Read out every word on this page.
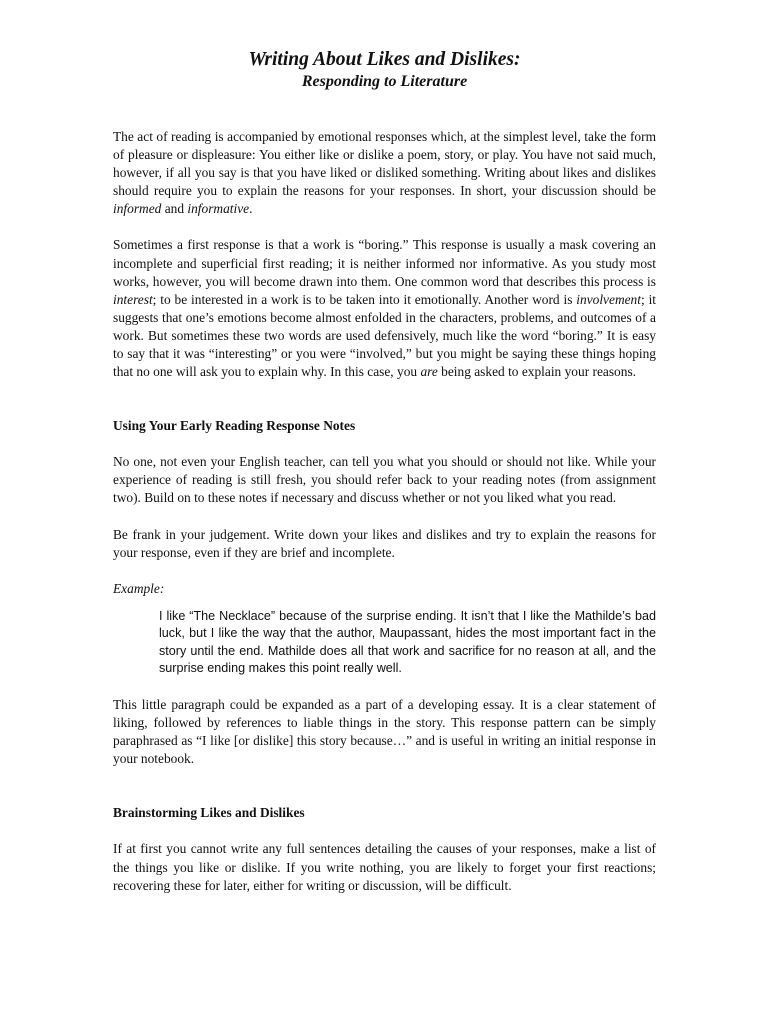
Writing About Likes and Dislikes:
Responding to Literature

The act of reading is accompanied by emotional responses which, at the simplest level, take the form of pleasure or displeasure: You either like or dislike a poem, story, or play. You have not said much, however, if all you say is that you have liked or disliked something. Writing about likes and dislikes should require you to explain the reasons for your responses. In short, your discussion should be informed and informative.

Sometimes a first response is that a work is “boring.” This response is usually a mask covering an incomplete and superficial first reading; it is neither informed nor informative. As you study most works, however, you will become drawn into them. One common word that describes this process is interest; to be interested in a work is to be taken into it emotionally. Another word is involvement; it suggests that one’s emotions become almost enfolded in the characters, problems, and outcomes of a work. But sometimes these two words are used defensively, much like the word “boring.” It is easy to say that it was “interesting” or you were “involved,” but you might be saying these things hoping that no one will ask you to explain why. In this case, you are being asked to explain your reasons.

Using Your Early Reading Response Notes

No one, not even your English teacher, can tell you what you should or should not like. While your experience of reading is still fresh, you should refer back to your reading notes (from assignment two). Build on to these notes if necessary and discuss whether or not you liked what you read.

Be frank in your judgement. Write down your likes and dislikes and try to explain the reasons for your response, even if they are brief and incomplete.

Example:

I like “The Necklace” because of the surprise ending. It isn’t that I like the Mathilde’s bad luck, but I like the way that the author, Maupassant, hides the most important fact in the story until the end. Mathilde does all that work and sacrifice for no reason at all, and the surprise ending makes this point really well.

This little paragraph could be expanded as a part of a developing essay. It is a clear statement of liking, followed by references to liable things in the story. This response pattern can be simply paraphrased as “I like [or dislike] this story because…” and is useful in writing an initial response in your notebook.

Brainstorming Likes and Dislikes

If at first you cannot write any full sentences detailing the causes of your responses, make a list of the things you like or dislike. If you write nothing, you are likely to forget your first reactions; recovering these for later, either for writing or discussion, will be difficult.
